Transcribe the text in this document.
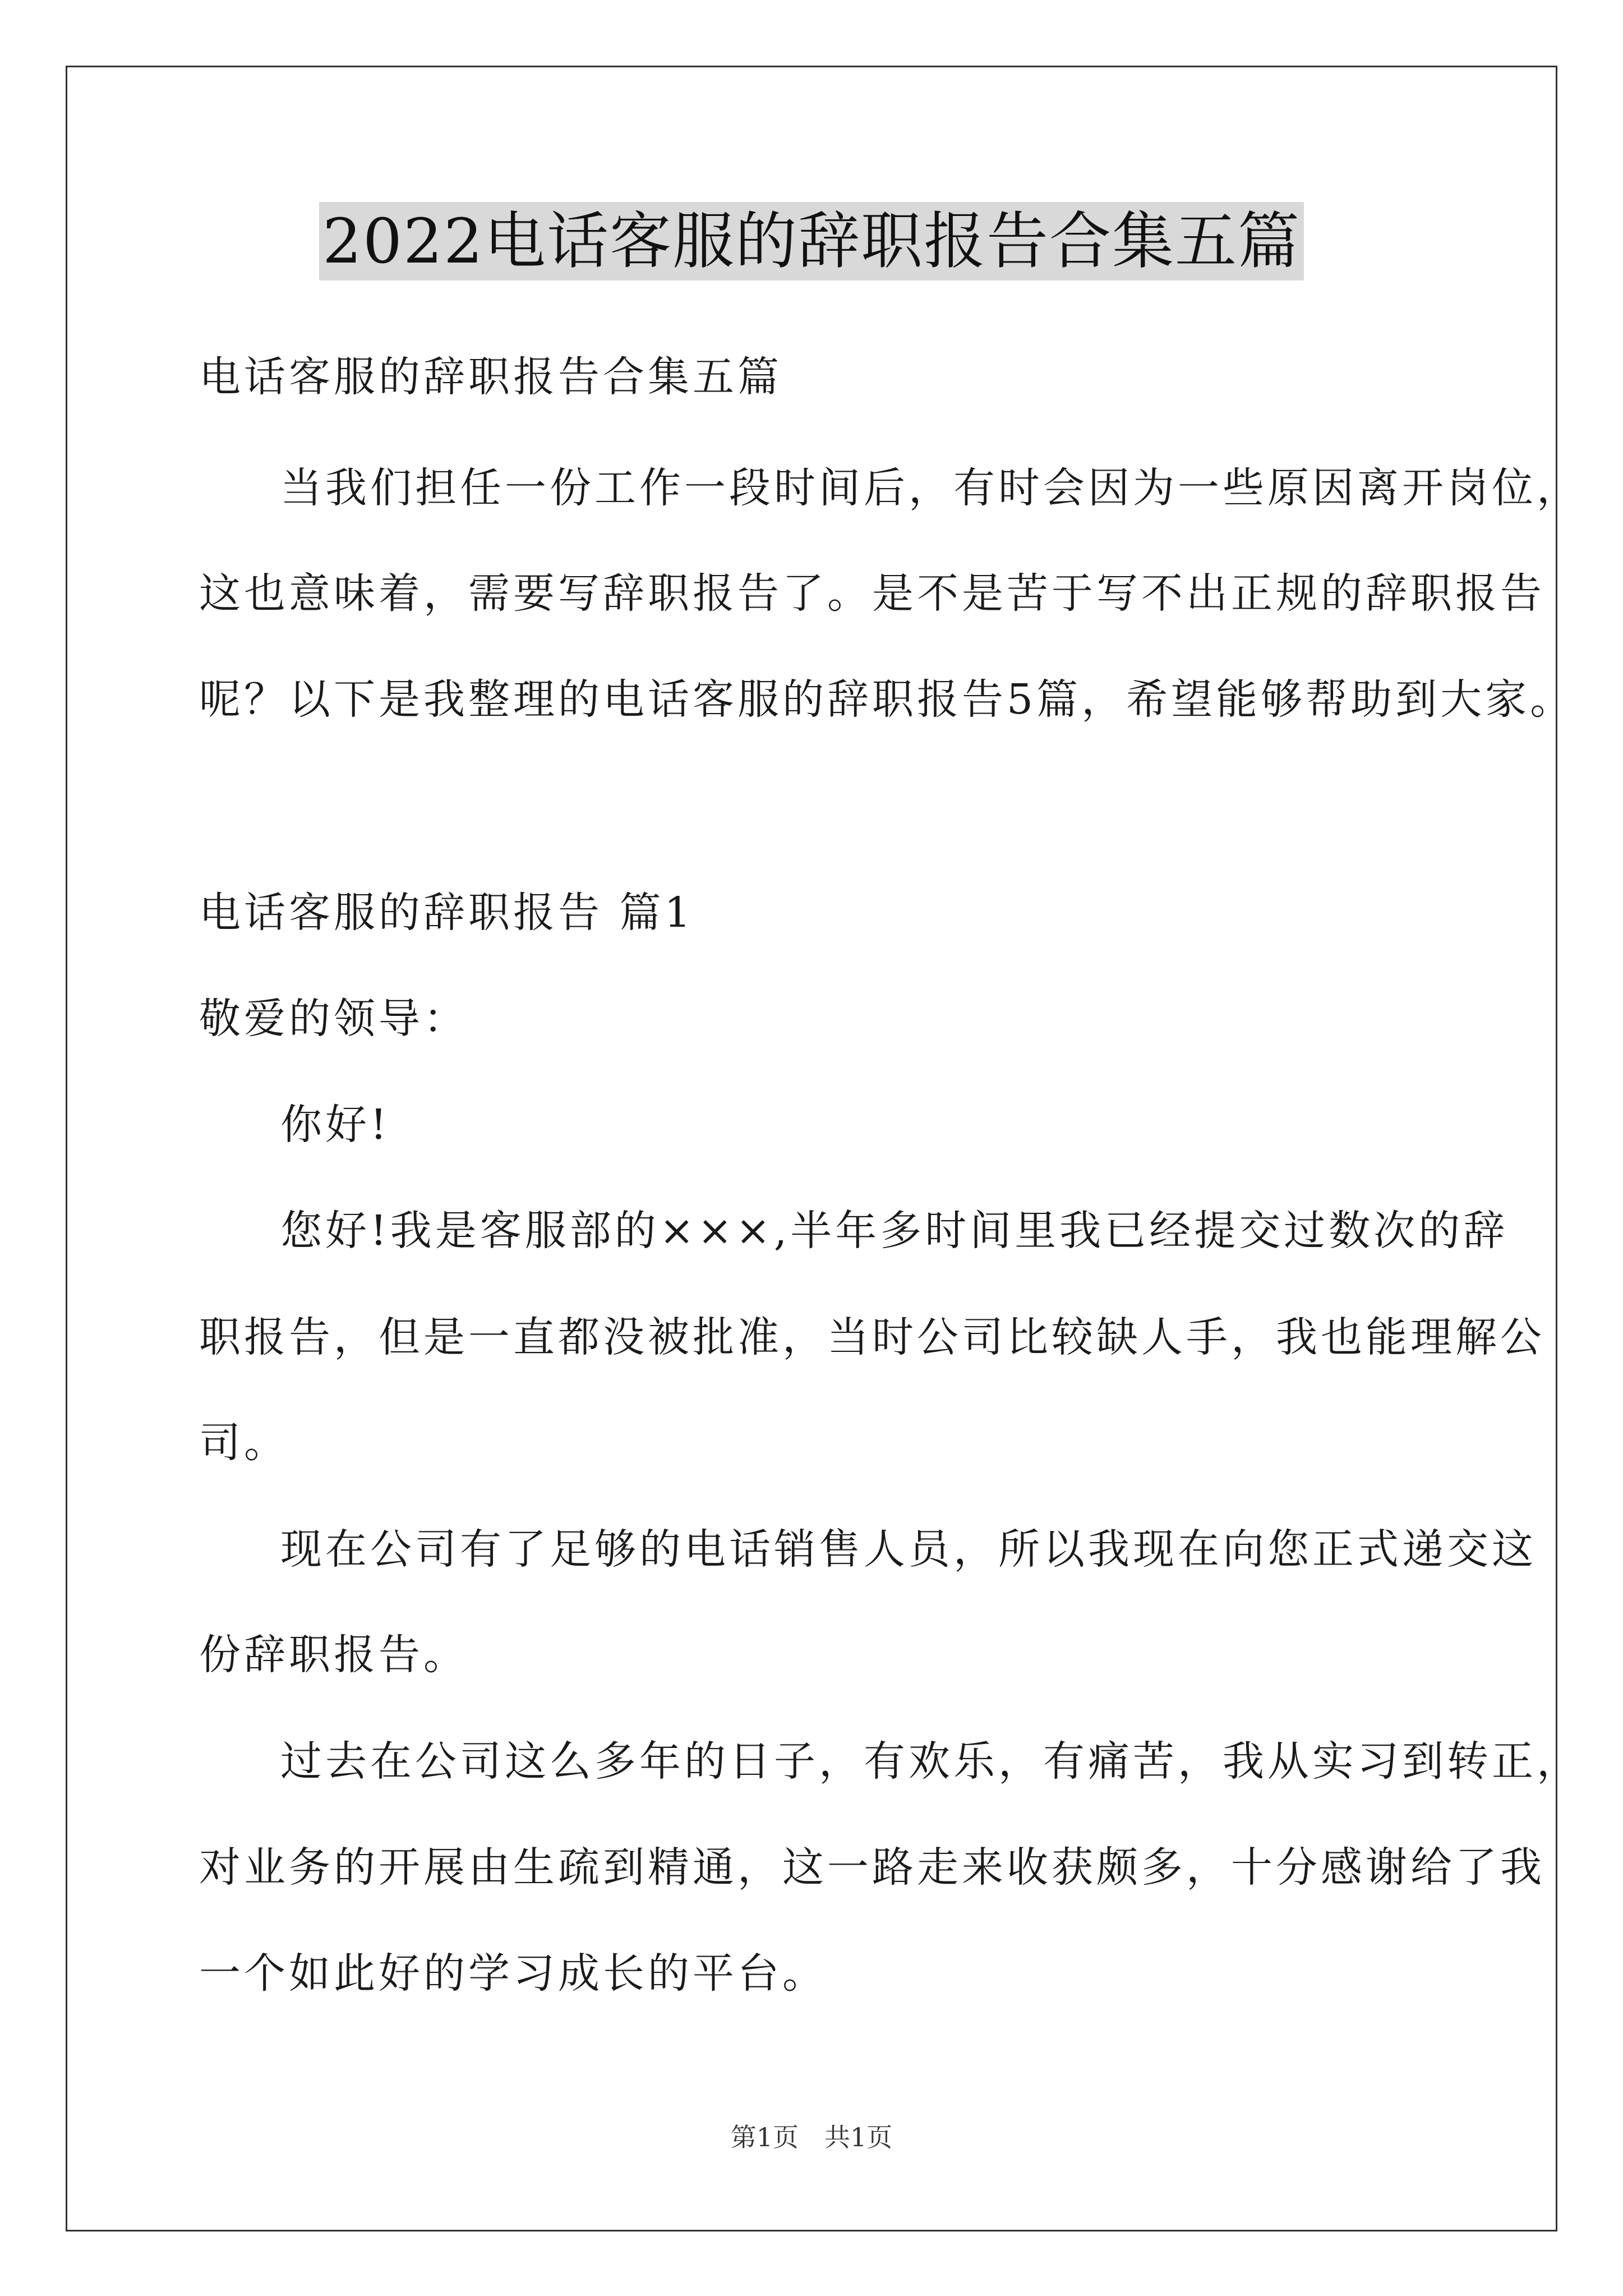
2022电话客服的辞职报告合集五篇
电话客服的辞职报告合集五篇
当我们担任一份工作一段时间后，有时会因为一些原因离开岗位，
这也意味着，需要写辞职报告了。是不是苦于写不出正规的辞职报告
呢？以下是我整理的电话客服的辞职报告5篇，希望能够帮助到大家。
电话客服的辞职报告 篇1
敬爱的领导：
你好!
您好!我是客服部的×××,半年多时间里我已经提交过数次的辞
职报告，但是一直都没被批准，当时公司比较缺人手，我也能理解公
司。
现在公司有了足够的电话销售人员，所以我现在向您正式递交这
份辞职报告。
过去在公司这么多年的日子，有欢乐，有痛苦，我从实习到转正，
对业务的开展由生疏到精通，这一路走来收获颇多，十分感谢给了我
一个如此好的学习成长的平台。
第1页　共1页
